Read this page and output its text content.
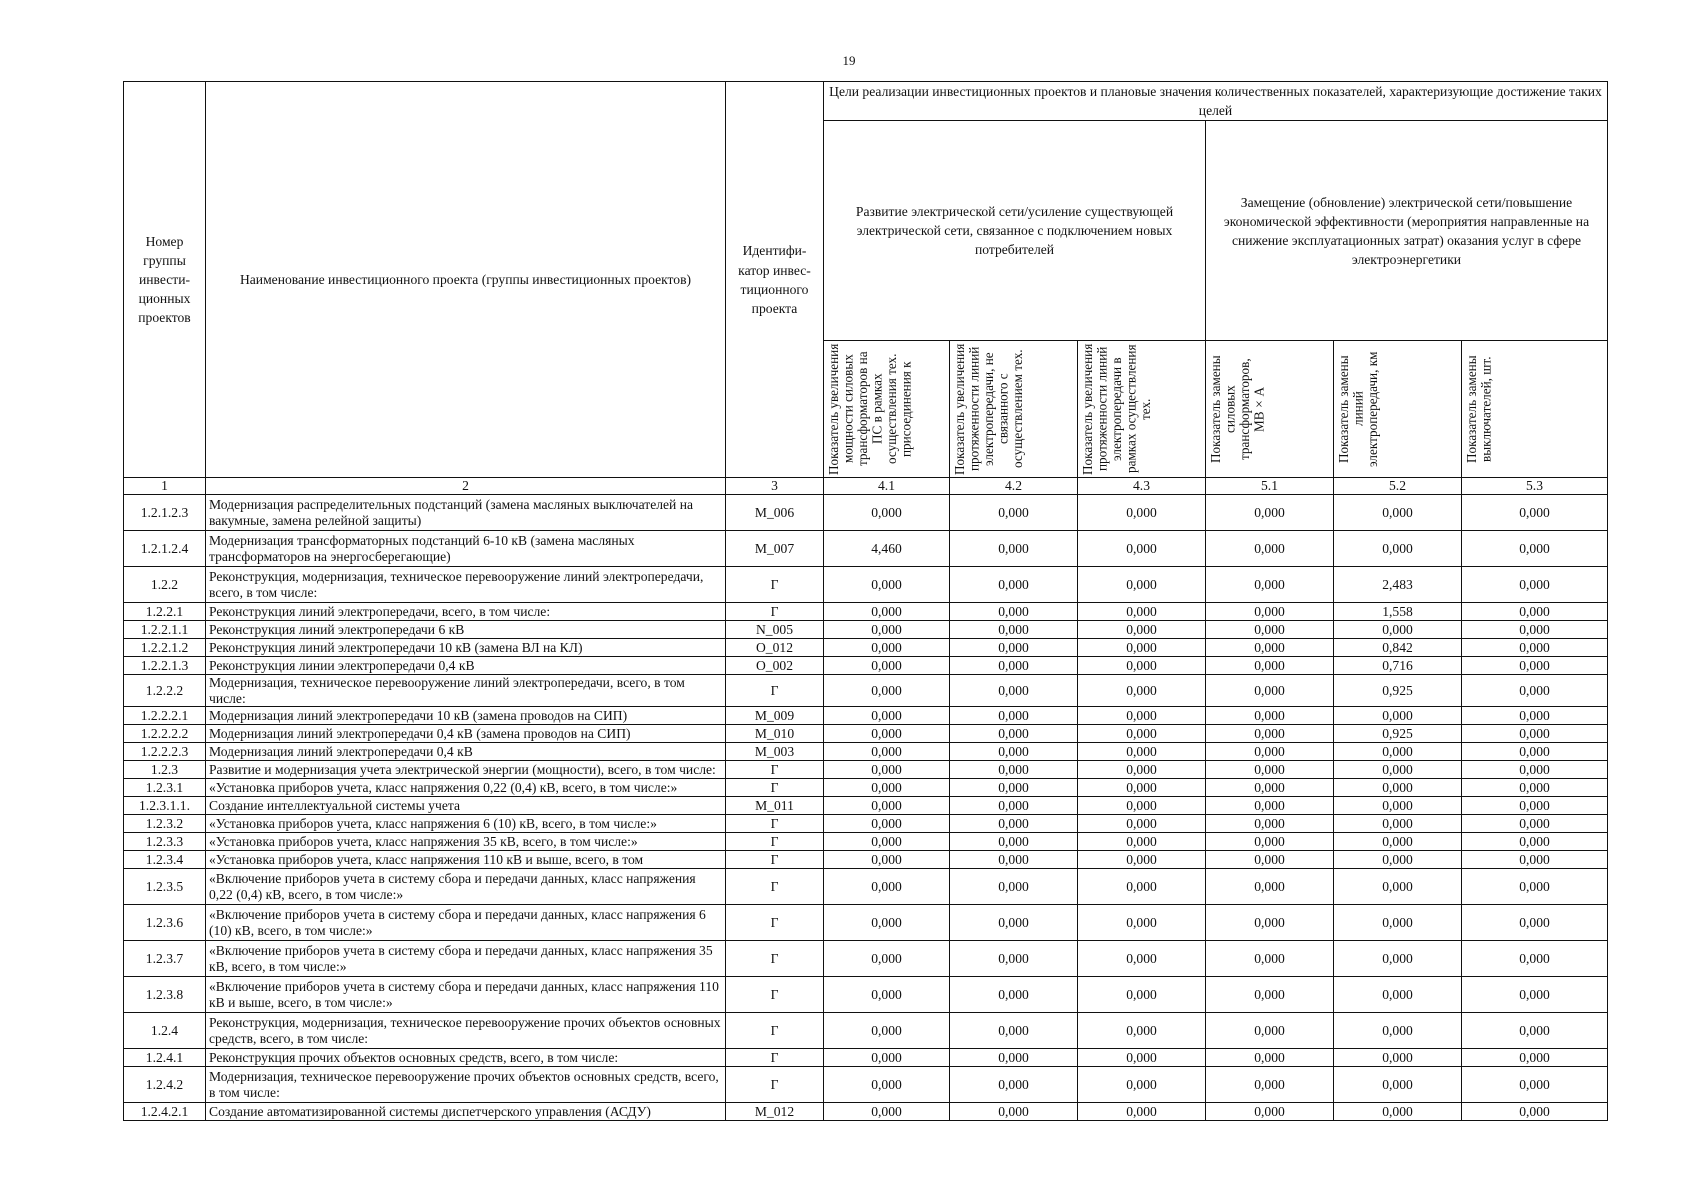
19
Номер группы инвести-ционных проектов	Наименование инвестиционного проекта (группы инвестиционных проектов)	Идентифи-катор инвес-тиционного проекта	Цели реализации инвестиционных проектов и плановые значения количественных показателей, характеризующие достижение таких целей					
			Развитие электрической сети/усиление существующей электрической сети, связанное с подключением новых потребителей			Замещение (обновление) электрической сети/повышение экономической эффективности (мероприятия направленные на снижение эксплуатационных затрат) оказания услуг в сфере электроэнергетики		

			Показатель увеличения мощности силовых трансформаторов на ПС в рамках осуществления тех. присоединения к	Показатель увеличения протяженности линий электропередачи, не связанного с осуществлением тех.	Показатель увеличения протяженности линий электропередачи в рамках осуществления тех.	Показатель замены силовых трансформаторов, МВ×А	Показатель замены линий электропередачи, км	Показатель замены выключателей, шт.

1	2	3	4.1	4.2	4.3	5.1	5.2	5.3
1.2.1.2.3	Модернизация распределительных подстанций (замена масляных выключателей на вакумные, замена релейной защиты)	М_006	0,000	0,000	0,000	0,000	0,000	0,000
1.2.1.2.4	Модернизация трансформаторных подстанций 6-10 кВ (замена масляных трансформаторов на энергосберегающие)	М_007	4,460	0,000	0,000	0,000	0,000	0,000
1.2.2	Реконструкция, модернизация, техническое перевооружение линий электропередачи, всего, в том числе:	Г	0,000	0,000	0,000	0,000	2,483	0,000
1.2.2.1	Реконструкция линий электропередачи, всего, в том числе:	Г	0,000	0,000	0,000	0,000	1,558	0,000
1.2.2.1.1	Реконструкция линий электропередачи 6 кВ	N_005	0,000	0,000	0,000	0,000	0,000	0,000
1.2.2.1.2	Реконструкция линий электропередачи 10 кВ (замена ВЛ на КЛ)	О_012	0,000	0,000	0,000	0,000	0,842	0,000
1.2.2.1.3	Реконструкция линии электропередачи 0,4 кВ	О_002	0,000	0,000	0,000	0,000	0,716	0,000
1.2.2.2	Модернизация, техническое перевооружение линий электропередачи, всего, в том числе:	Г	0,000	0,000	0,000	0,000	0,925	0,000
1.2.2.2.1	Модернизация линий электропередачи 10 кВ (замена проводов на СИП)	М_009	0,000	0,000	0,000	0,000	0,000	0,000
1.2.2.2.2	Модернизация линий электропередачи 0,4 кВ (замена проводов на СИП)	М_010	0,000	0,000	0,000	0,000	0,925	0,000
1.2.2.2.3	Модернизация линий электропередачи 0,4 кВ	М_003	0,000	0,000	0,000	0,000	0,000	0,000
1.2.3	Развитие и модернизация учета электрической энергии (мощности), всего, в том числе:	Г	0,000	0,000	0,000	0,000	0,000	0,000
1.2.3.1	«Установка приборов учета, класс напряжения 0,22 (0,4) кВ, всего, в том числе:»	Г	0,000	0,000	0,000	0,000	0,000	0,000
1.2.3.1.1.	Создание интеллектуальной системы учета	М_011	0,000	0,000	0,000	0,000	0,000	0,000
1.2.3.2	«Установка приборов учета, класс напряжения 6 (10) кВ, всего, в том числе:»	Г	0,000	0,000	0,000	0,000	0,000	0,000
1.2.3.3	«Установка приборов учета, класс напряжения 35 кВ, всего, в том числе:»	Г	0,000	0,000	0,000	0,000	0,000	0,000
1.2.3.4	«Установка приборов учета, класс напряжения 110 кВ и выше, всего, в том	Г	0,000	0,000	0,000	0,000	0,000	0,000
1.2.3.5	«Включение приборов учета в систему сбора и передачи данных, класс напряжения 0,22 (0,4) кВ, всего, в том числе:»	Г	0,000	0,000	0,000	0,000	0,000	0,000
1.2.3.6	«Включение приборов учета в систему сбора и передачи данных, класс напряжения 6 (10) кВ, всего, в том числе:»	Г	0,000	0,000	0,000	0,000	0,000	0,000
1.2.3.7	«Включение приборов учета в систему сбора и передачи данных, класс напряжения 35 кВ, всего, в том числе:»	Г	0,000	0,000	0,000	0,000	0,000	0,000
1.2.3.8	«Включение приборов учета в систему сбора и передачи данных, класс напряжения 110 кВ и выше, всего, в том числе:»	Г	0,000	0,000	0,000	0,000	0,000	0,000
1.2.4	Реконструкция, модернизация, техническое перевооружение прочих объектов основных средств, всего, в том числе:	Г	0,000	0,000	0,000	0,000	0,000	0,000
1.2.4.1	Реконструкция прочих объектов основных средств, всего, в том числе:	Г	0,000	0,000	0,000	0,000	0,000	0,000
1.2.4.2	Модернизация, техническое перевооружение прочих объектов основных средств, всего, в том числе:	Г	0,000	0,000	0,000	0,000	0,000	0,000
1.2.4.2.1	Создание автоматизированной системы диспетчерского управления (АСДУ)	М_012	0,000	0,000	0,000	0,000	0,000	0,000
